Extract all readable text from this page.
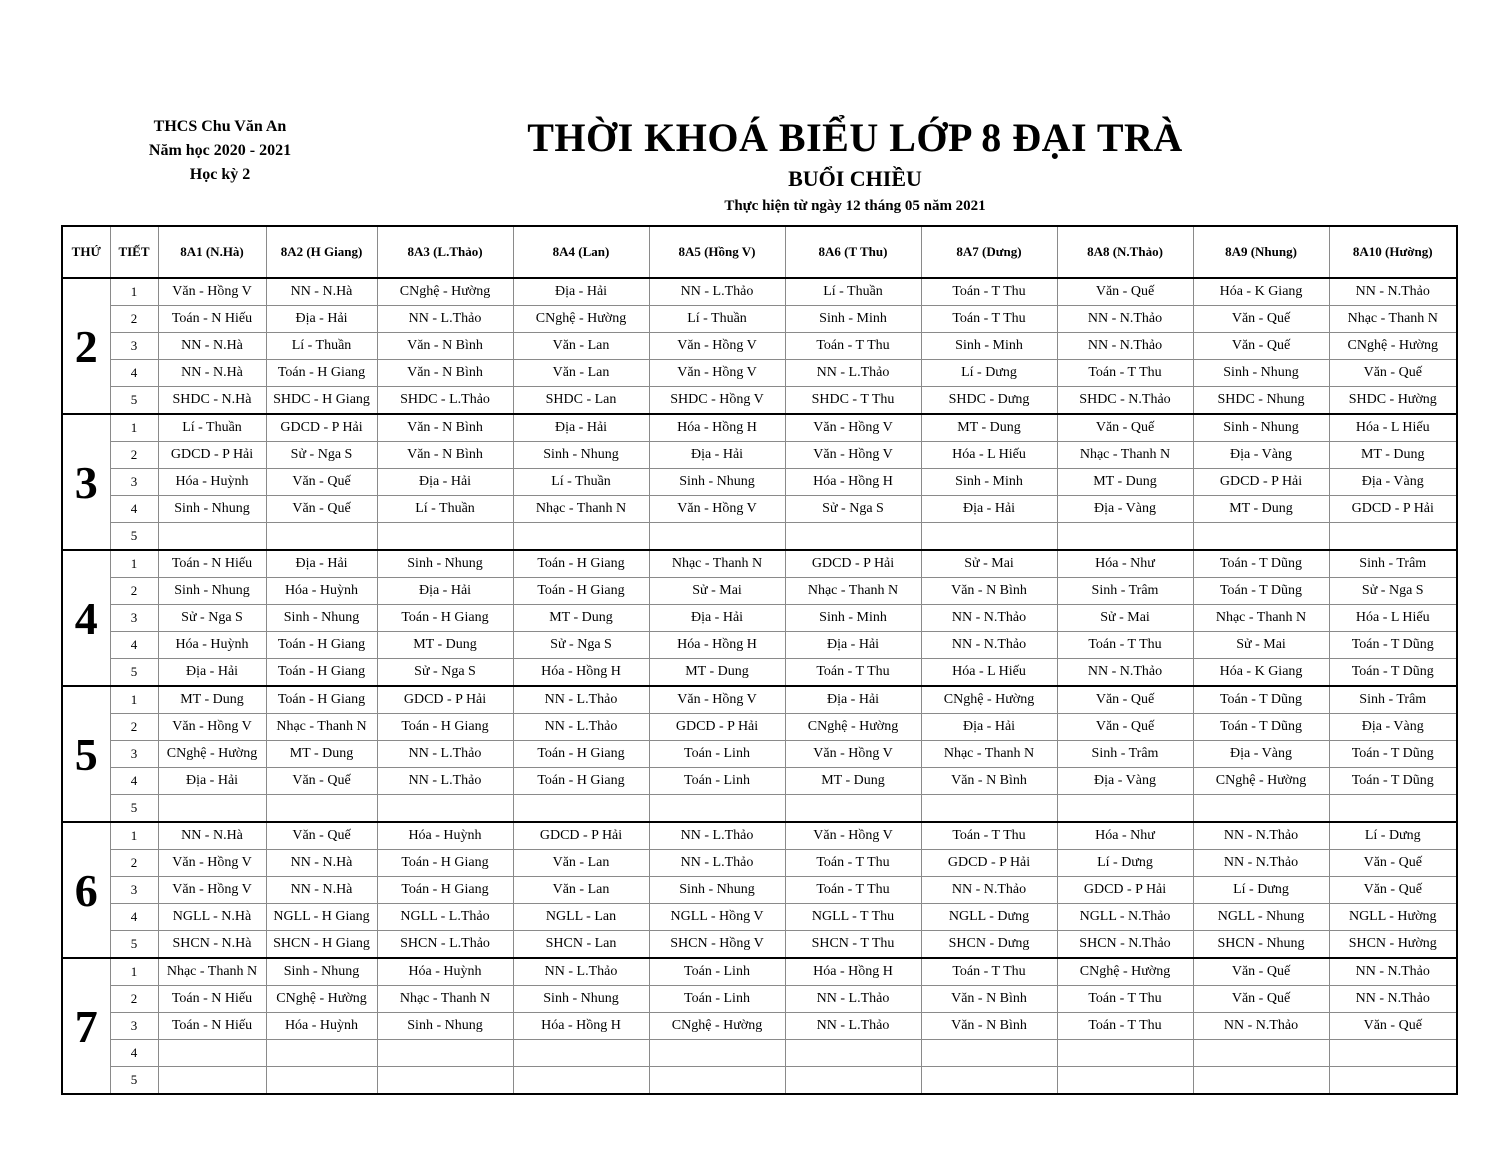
THCS Chu Văn An
Năm học 2020 - 2021
Học kỳ 2
THỜI KHOÁ BIỂU LỚP 8 ĐẠI TRÀ
BUỔI CHIỀU
Thực hiện từ ngày 12 tháng 05 năm 2021
THỨ	TIẾT	8A1 (N.Hà)	8A2 (H Giang)	8A3 (L.Thảo)	8A4 (Lan)	8A5 (Hồng V)	8A6 (T Thu)	8A7 (Dưng)	8A8 (N.Thảo)	8A9 (Nhung)	8A10 (Hường)
2	1	Văn - Hồng V	NN - N.Hà	CNghệ - Hường	Địa - Hải	NN - L.Thảo	Lí - Thuần	Toán - T Thu	Văn - Quế	Hóa - K Giang	NN - N.Thảo
	2	Toán - N Hiếu	Địa - Hải	NN - L.Thảo	CNghệ - Hường	Lí - Thuần	Sinh - Minh	Toán - T Thu	NN - N.Thảo	Văn - Quế	Nhạc - Thanh N
	3	NN - N.Hà	Lí - Thuần	Văn - N Bình	Văn - Lan	Văn - Hồng V	Toán - T Thu	Sinh - Minh	NN - N.Thảo	Văn - Quế	CNghệ - Hường
	4	NN - N.Hà	Toán - H Giang	Văn - N Bình	Văn - Lan	Văn - Hồng V	NN - L.Thảo	Lí - Dưng	Toán - T Thu	Sinh - Nhung	Văn - Quế
	5	SHDC - N.Hà	SHDC - H Giang	SHDC - L.Thảo	SHDC - Lan	SHDC - Hồng V	SHDC - T Thu	SHDC - Dưng	SHDC - N.Thảo	SHDC - Nhung	SHDC - Hường
3	1	Lí - Thuần	GDCD - P Hải	Văn - N Bình	Địa - Hải	Hóa - Hồng H	Văn - Hồng V	MT - Dung	Văn - Quế	Sinh - Nhung	Hóa - L Hiếu
	2	GDCD - P Hải	Sử - Nga S	Văn - N Bình	Sinh - Nhung	Địa - Hải	Văn - Hồng V	Hóa - L Hiếu	Nhạc - Thanh N	Địa - Vàng	MT - Dung
	3	Hóa - Huỳnh	Văn - Quế	Địa - Hải	Lí - Thuần	Sinh - Nhung	Hóa - Hồng H	Sinh - Minh	MT - Dung	GDCD - P Hải	Địa - Vàng
	4	Sinh - Nhung	Văn - Quế	Lí - Thuần	Nhạc - Thanh N	Văn - Hồng V	Sử - Nga S	Địa - Hải	Địa - Vàng	MT - Dung	GDCD - P Hải
	5										
4	1	Toán - N Hiếu	Địa - Hải	Sinh - Nhung	Toán - H Giang	Nhạc - Thanh N	GDCD - P Hải	Sử - Mai	Hóa - Như	Toán - T Dũng	Sinh - Trâm
	2	Sinh - Nhung	Hóa - Huỳnh	Địa - Hải	Toán - H Giang	Sử - Mai	Nhạc - Thanh N	Văn - N Bình	Sinh - Trâm	Toán - T Dũng	Sử - Nga S
	3	Sử - Nga S	Sinh - Nhung	Toán - H Giang	MT - Dung	Địa - Hải	Sinh - Minh	NN - N.Thảo	Sử - Mai	Nhạc - Thanh N	Hóa - L Hiếu
	4	Hóa - Huỳnh	Toán - H Giang	MT - Dung	Sử - Nga S	Hóa - Hồng H	Địa - Hải	NN - N.Thảo	Toán - T Thu	Sử - Mai	Toán - T Dũng
	5	Địa - Hải	Toán - H Giang	Sử - Nga S	Hóa - Hồng H	MT - Dung	Toán - T Thu	Hóa - L Hiếu	NN - N.Thảo	Hóa - K Giang	Toán - T Dũng
5	1	MT - Dung	Toán - H Giang	GDCD - P Hải	NN - L.Thảo	Văn - Hồng V	Địa - Hải	CNghệ - Hường	Văn - Quế	Toán - T Dũng	Sinh - Trâm
	2	Văn - Hồng V	Nhạc - Thanh N	Toán - H Giang	NN - L.Thảo	GDCD - P Hải	CNghệ - Hường	Địa - Hải	Văn - Quế	Toán - T Dũng	Địa - Vàng
	3	CNghệ - Hường	MT - Dung	NN - L.Thảo	Toán - H Giang	Toán - Linh	Văn - Hồng V	Nhạc - Thanh N	Sinh - Trâm	Địa - Vàng	Toán - T Dũng
	4	Địa - Hải	Văn - Quế	NN - L.Thảo	Toán - H Giang	Toán - Linh	MT - Dung	Văn - N Bình	Địa - Vàng	CNghệ - Hường	Toán - T Dũng
	5										
6	1	NN - N.Hà	Văn - Quế	Hóa - Huỳnh	GDCD - P Hải	NN - L.Thảo	Văn - Hồng V	Toán - T Thu	Hóa - Như	NN - N.Thảo	Lí - Dưng
	2	Văn - Hồng V	NN - N.Hà	Toán - H Giang	Văn - Lan	NN - L.Thảo	Toán - T Thu	GDCD - P Hải	Lí - Dưng	NN - N.Thảo	Văn - Quế
	3	Văn - Hồng V	NN - N.Hà	Toán - H Giang	Văn - Lan	Sinh - Nhung	Toán - T Thu	NN - N.Thảo	GDCD - P Hải	Lí - Dưng	Văn - Quế
	4	NGLL - N.Hà	NGLL - H Giang	NGLL - L.Thảo	NGLL - Lan	NGLL - Hồng V	NGLL - T Thu	NGLL - Dưng	NGLL - N.Thảo	NGLL - Nhung	NGLL - Hường
	5	SHCN - N.Hà	SHCN - H Giang	SHCN - L.Thảo	SHCN - Lan	SHCN - Hồng V	SHCN - T Thu	SHCN - Dưng	SHCN - N.Thảo	SHCN - Nhung	SHCN - Hường
7	1	Nhạc - Thanh N	Sinh - Nhung	Hóa - Huỳnh	NN - L.Thảo	Toán - Linh	Hóa - Hồng H	Toán - T Thu	CNghệ - Hường	Văn - Quế	NN - N.Thảo
	2	Toán - N Hiếu	CNghệ - Hường	Nhạc - Thanh N	Sinh - Nhung	Toán - Linh	NN - L.Thảo	Văn - N Bình	Toán - T Thu	Văn - Quế	NN - N.Thảo
	3	Toán - N Hiếu	Hóa - Huỳnh	Sinh - Nhung	Hóa - Hồng H	CNghệ - Hường	NN - L.Thảo	Văn - N Bình	Toán - T Thu	NN - N.Thảo	Văn - Quế
	4										
	5										
